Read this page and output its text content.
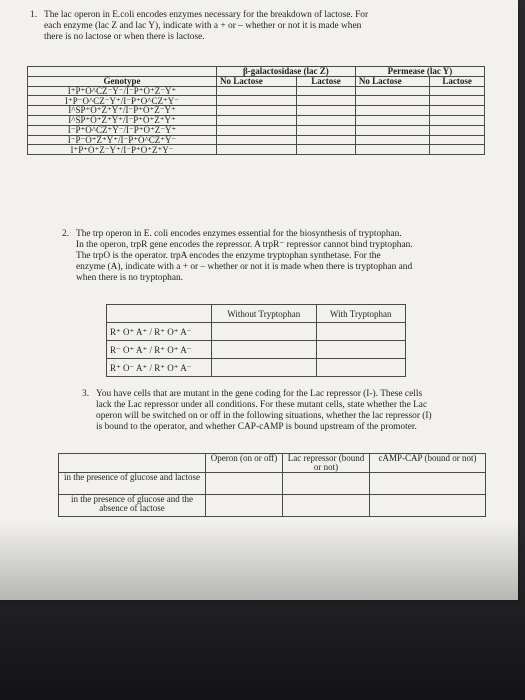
1. The lac operon in E.coli encodes enzymes necessary for the breakdown of lactose. For
each enzyme (lac Z and lac Y), indicate with a + or – whether or not it is made when
there is no lactose or when there is lactose.
	β-galactosidase (lac Z)		Permease (lac Y)	
Genotype	No Lactose	Lactose	No Lactose	Lactose
I⁺P⁺O^CZ⁻Y⁻/I⁻P⁺O⁺Z⁻Y⁺				
I⁺P⁻O^CZ⁻Y⁺/I⁻P⁺O^CZ⁺Y⁻				
I^SP⁺O⁺Z⁺Y⁺/I⁻P⁺O⁺Z⁻Y⁺				
I^SP⁺O⁺Z⁺Y⁺/I⁻P⁺O⁺Z⁺Y⁺				
I⁻P⁺O^CZ⁺Y⁻/I⁻P⁺O⁺Z⁻Y⁺				
I⁻P⁻O⁺Z⁺Y⁺/I⁻P⁺O^CZ⁺Y⁻				
I⁺P⁺O⁺Z⁻Y⁺/I⁻P⁺O⁺Z⁺Y⁻				
2. The trp operon in E. coli encodes enzymes essential for the biosynthesis of tryptophan.
In the operon, trpR gene encodes the repressor. A trpR⁻ repressor cannot bind tryptophan.
The trpO is the operator. trpA encodes the enzyme tryptophan synthetase. For the
enzyme (A), indicate with a + or – whether or not it is made when there is tryptophan and
when there is no tryptophan.
	Without Tryptophan	With Tryptophan
R⁺ O⁺ A⁺ / R⁺ O⁺ A⁻		
R⁻ O⁺ A⁺ / R⁺ O⁺ A⁻		
R⁺ O⁻ A⁺ / R⁺ O⁺ A⁻		
3. You have cells that are mutant in the gene coding for the Lac repressor (I-). These cells
lack the Lac repressor under all conditions. For these mutant cells, state whether the Lac
operon will be switched on or off in the following situations, whether the lac repressor (I)
is bound to the operator, and whether CAP-cAMP is bound upstream of the promoter.
	Operon (on or off)	Lac repressor (bound or not)	cAMP-CAP (bound or not)
in the presence of glucose and lactose			
in the presence of glucose and the absence of lactose			
